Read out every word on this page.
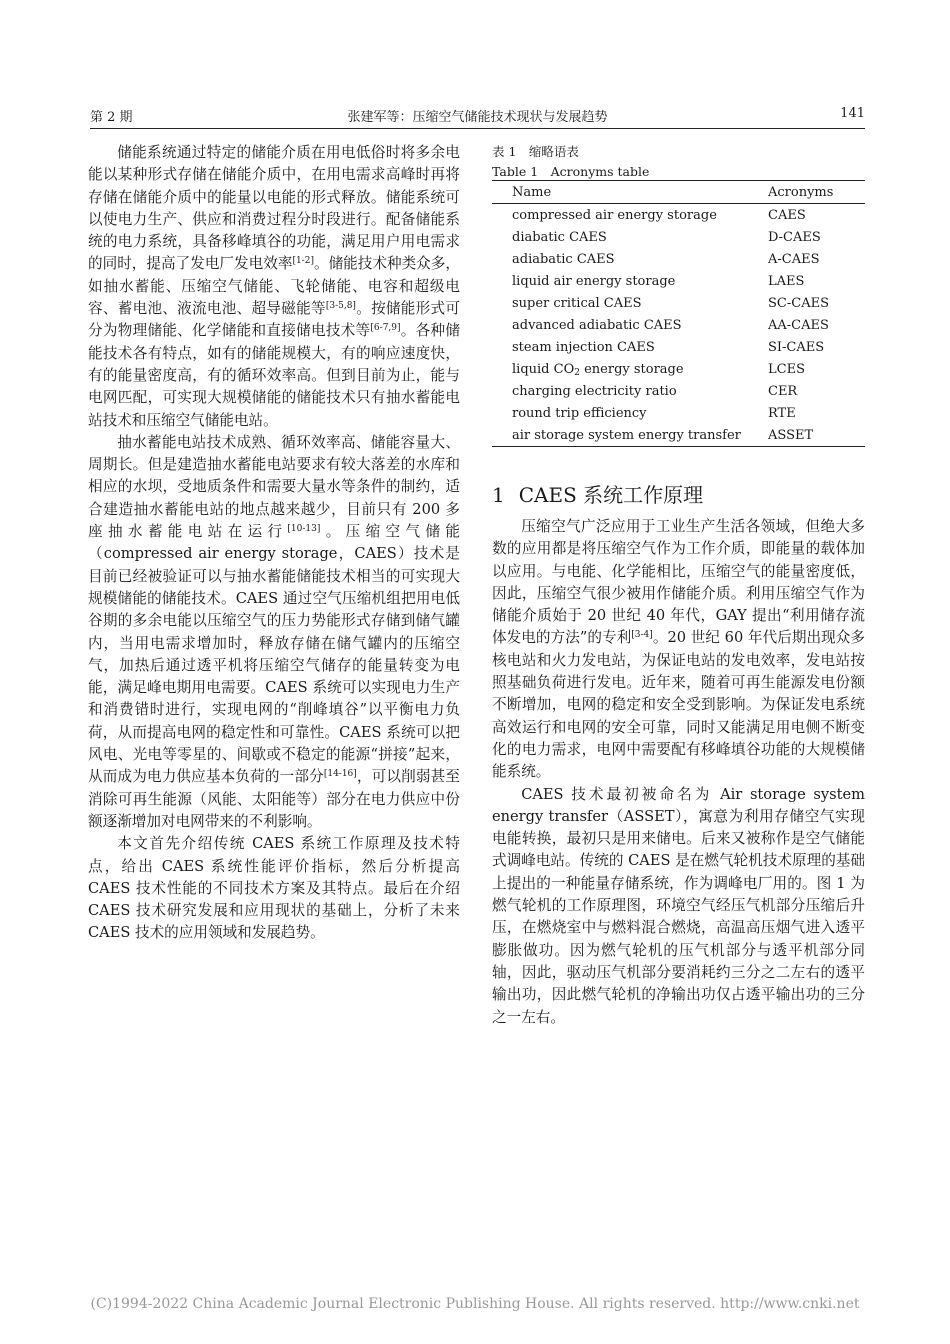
第 2 期	张建军等：压缩空气储能技术现状与发展趋势	141

储能系统通过特定的储能介质在用电低俗时将多余电能以某种形式存储在储能介质中，在用电需求高峰时再将存储在储能介质中的能量以电能的形式释放。储能系统可以使电力生产、供应和消费过程分时段进行。配备储能系统的电力系统，具备移峰填谷的功能，满足用户用电需求的同时，提高了发电厂发电效率[1-2]。储能技术种类众多，如抽水蓄能、压缩空气储能、飞轮储能、电容和超级电容、蓄电池、液流电池、超导磁能等[3-5,8]。按储能形式可分为物理储能、化学储能和直接储电技术等[6-7,9]。各种储能技术各有特点，如有的储能规模大，有的响应速度快，有的能量密度高，有的循环效率高。但到目前为止，能与电网匹配，可实现大规模储能的储能技术只有抽水蓄能电站技术和压缩空气储能电站。

抽水蓄能电站技术成熟、循环效率高、储能容量大、周期长。但是建造抽水蓄能电站要求有较大落差的水库和相应的水坝，受地质条件和需要大量水等条件的制约，适合建造抽水蓄能电站的地点越来越少，目前只有 200 多座抽水蓄能电站在运行[10-13]。压缩空气储能（compressed air energy storage，CAES）技术是目前已经被验证可以与抽水蓄能储能技术相当的可实现大规模储能的储能技术。CAES 通过空气压缩机组把用电低谷期的多余电能以压缩空气的压力势能形式存储到储气罐内，当用电需求增加时，释放存储在储气罐内的压缩空气，加热后通过透平机将压缩空气储存的能量转变为电能，满足峰电期用电需要。CAES 系统可以实现电力生产和消费错时进行，实现电网的“削峰填谷”以平衡电力负荷，从而提高电网的稳定性和可靠性。CAES 系统可以把风电、光电等零星的、间歇或不稳定的能源“拼接”起来，从而成为电力供应基本负荷的一部分[14-16]，可以削弱甚至消除可再生能源（风能、太阳能等）部分在电力供应中份额逐渐增加对电网带来的不利影响。

本文首先介绍传统 CAES 系统工作原理及技术特点，给出 CAES 系统性能评价指标，然后分析提高 CAES 技术性能的不同技术方案及其特点。最后在介绍 CAES 技术研究发展和应用现状的基础上，分析了未来 CAES 技术的应用领域和发展趋势。

表 1　缩略语表
Table 1　Acronyms table
Name	Acronyms
compressed air energy storage	CAES
diabatic CAES	D-CAES
adiabatic CAES	A-CAES
liquid air energy storage	LAES
super critical CAES	SC-CAES
advanced adiabatic CAES	AA-CAES
steam injection CAES	SI-CAES
liquid $CO_2$ energy storage	LCES
charging electricity ratio	CER
round trip efficiency	RTE
air storage system energy transfer	ASSET
1 CAES 系统工作原理

压缩空气广泛应用于工业生产生活各领域，但绝大多数的应用都是将压缩空气作为工作介质，即能量的载体加以应用。与电能、化学能相比，压缩空气的能量密度低，因此，压缩空气很少被用作储能介质。利用压缩空气作为储能介质始于 20 世纪 40 年代，GAY 提出“利用储存流体发电的方法”的专利[3-4]。20 世纪 60 年代后期出现众多核电站和火力发电站，为保证电站的发电效率，发电站按照基础负荷进行发电。近年来，随着可再生能源发电份额不断增加，电网的稳定和安全受到影响。为保证发电系统高效运行和电网的安全可靠，同时又能满足用电侧不断变化的电力需求，电网中需要配有移峰填谷功能的大规模储能系统。

CAES 技术最初被命名为 Air storage system energy transfer（ASSET），寓意为利用存储空气实现电能转换，最初只是用来储电。后来又被称作是空气储能式调峰电站。传统的 CAES 是在燃气轮机技术原理的基础上提出的一种能量存储系统，作为调峰电厂用的。图 1 为燃气轮机的工作原理图，环境空气经压气机部分压缩后升压，在燃烧室中与燃料混合燃烧，高温高压烟气进入透平膨胀做功。因为燃气轮机的压气机部分与透平机部分同轴，因此，驱动压气机部分要消耗约三分之二左右的透平输出功，因此燃气轮机的净输出功仅占透平输出功的三分之一左右。

(C)1994-2022 China Academic Journal Electronic Publishing House. All rights reserved. http://www.cnki.net
